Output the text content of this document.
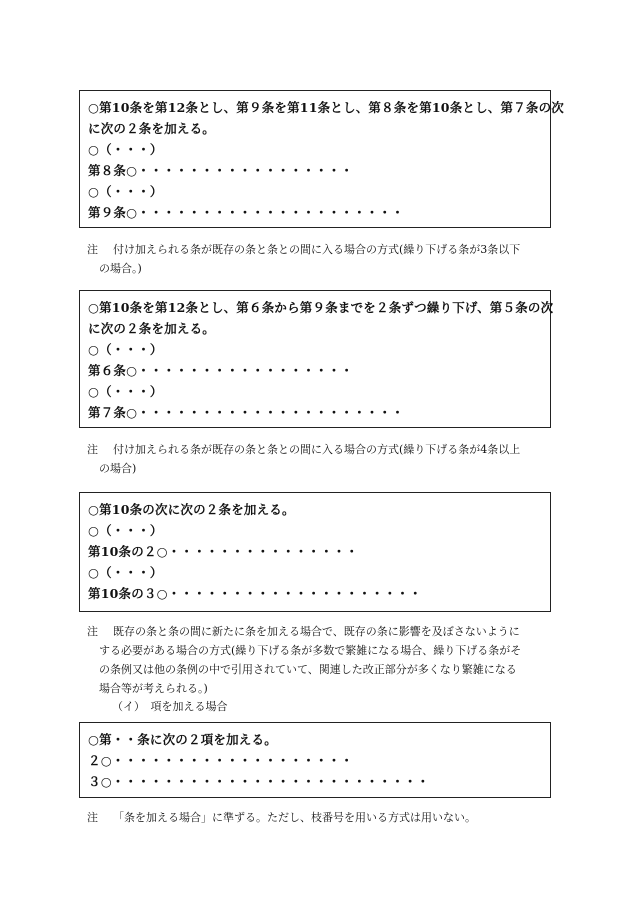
○第10条を第12条とし、第９条を第11条とし、第８条を第10条とし、第７条の次
に次の２条を加える。
○（・・・）
第８条○・・・・・・・・・・・・・・・・・
○（・・・）
第９条○・・・・・・・・・・・・・・・・・・・・・
注 付け加えられる条が既存の条と条との間に入る場合の方式(繰り下げる条が3条以下
の場合。)
○第10条を第12条とし、第６条から第９条までを２条ずつ繰り下げ、第５条の次
に次の２条を加える。
○（・・・）
第６条○・・・・・・・・・・・・・・・・・
○（・・・）
第７条○・・・・・・・・・・・・・・・・・・・・・
注 付け加えられる条が既存の条と条との間に入る場合の方式(繰り下げる条が4条以上
の場合)
○第10条の次に次の２条を加える。
○（・・・）
第10条の２○・・・・・・・・・・・・・・・
○（・・・）
第10条の３○・・・・・・・・・・・・・・・・・・・・
注 既存の条と条の間に新たに条を加える場合で、既存の条に影響を及ぼさないように
する必要がある場合の方式(繰り下げる条が多数で繁雑になる場合、繰り下げる条がそ
の条例又は他の条例の中で引用されていて、関連した改正部分が多くなり繁雑になる
場合等が考えられる。)
（イ）　項を加える場合
○第・・条に次の２項を加える。
２○・・・・・・・・・・・・・・・・・・・
３○・・・・・・・・・・・・・・・・・・・・・・・・・
注 「条を加える場合」に準ずる。ただし、枝番号を用いる方式は用いない。
